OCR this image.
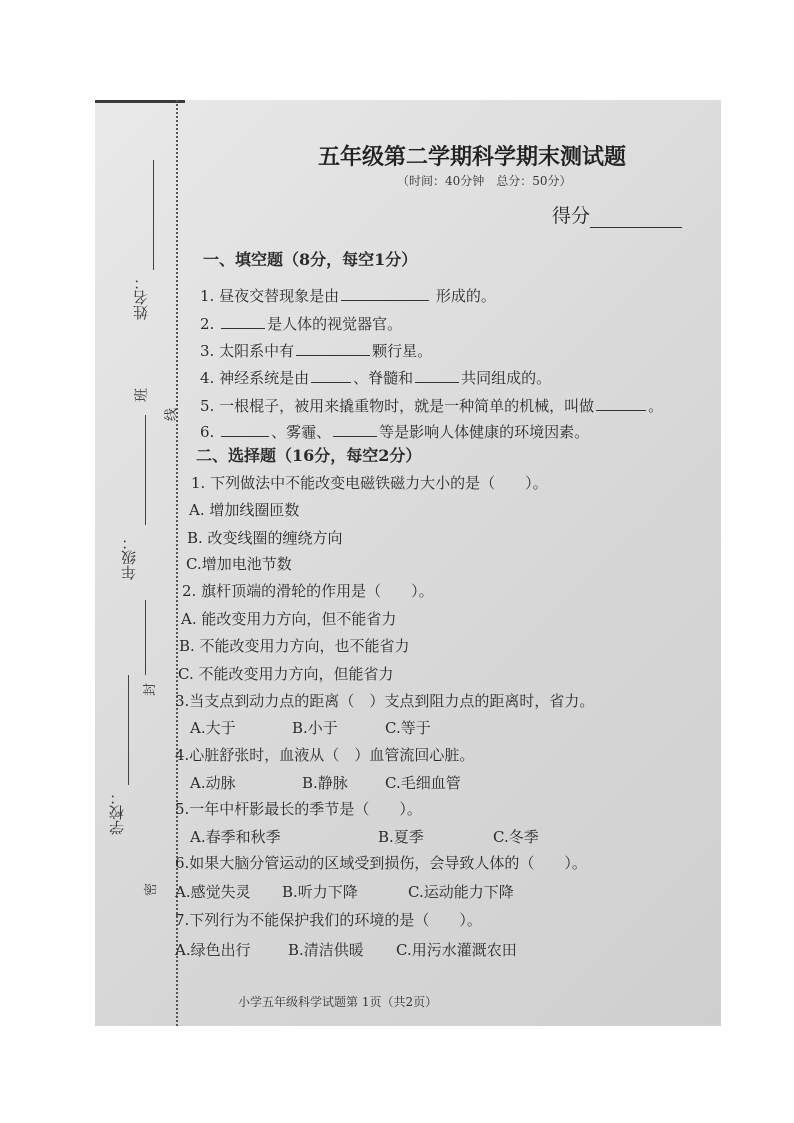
姓名：
班
线
年级：
封
学校：
密
五年级第二学期科学期末测试题
（时间：40分钟　总分：50分）
得分
一、填空题（8分，每空1分）
1. 昼夜交替现象是由	形成的。
2.	是人体的视觉器官。
3. 太阳系中有	颗行星。
4. 神经系统是由	、脊髓和	共同组成的。
5. 一根棍子，被用来撬重物时，就是一种简单的机械，叫做	。
6.	、雾霾、	等是影响人体健康的环境因素。
二、选择题（16分，每空2分）
1. 下列做法中不能改变电磁铁磁力大小的是（　　）。
A. 增加线圈匝数
B. 改变线圈的缠绕方向
C.增加电池节数
2. 旗杆顶端的滑轮的作用是（　　）。
A. 能改变用力方向，但不能省力
B. 不能改变用力方向，也不能省力
C. 不能改变用力方向，但能省力
3.当支点到动力点的距离（　）支点到阻力点的距离时，省力。
A.大于	B.小于	C.等于
4.心脏舒张时，血液从（　）血管流回心脏。
A.动脉	B.静脉 C.毛细血管
5.一年中杆影最长的季节是（　　）。
A.春季和秋季	B.夏季	C.冬季
6.如果大脑分管运动的区域受到损伤，会导致人体的（　　）。
A.感觉失灵 B.听力下降	C.运动能力下降
7.下列行为不能保护我们的环境的是（　　）。
A.绿色出行 B.清洁供暖 C.用污水灌溉农田
小学五年级科学试题第 1页（共2页）
